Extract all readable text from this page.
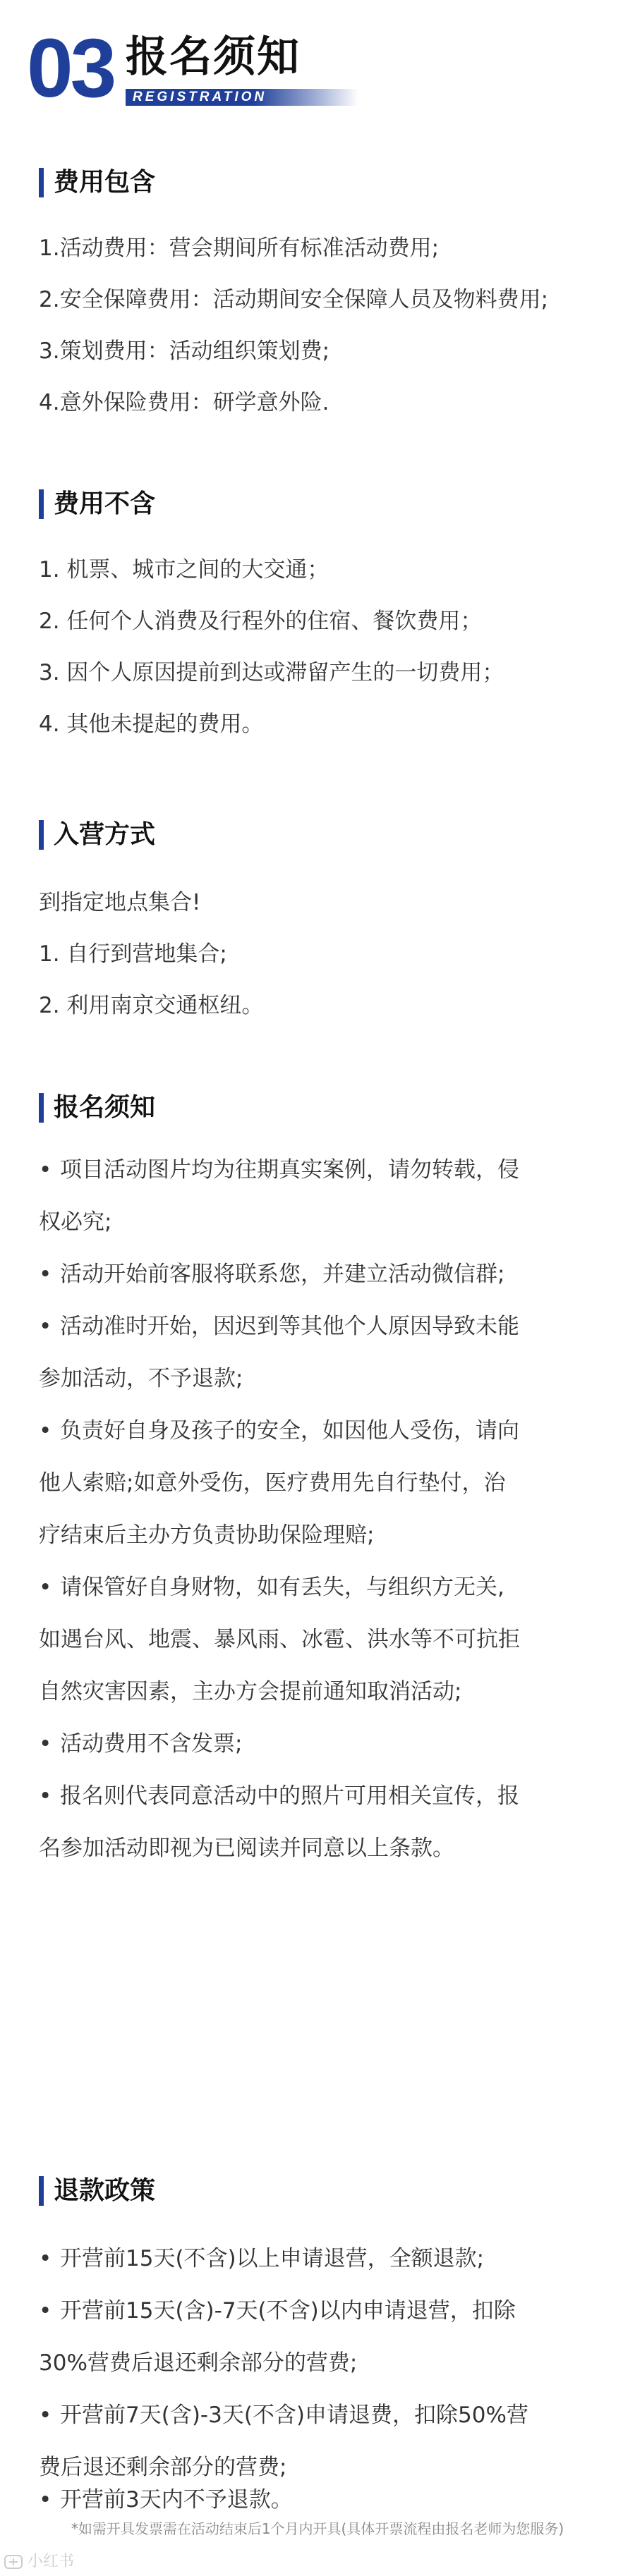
03 报名须知
REGISTRATION
费用包含
1.活动费用：营会期间所有标准活动费用;
2.安全保障费用：活动期间安全保障人员及物料费用;
3.策划费用：活动组织策划费;
4.意外保险费用：研学意外险.
费用不含
1. 机票、城市之间的大交通；
2. 任何个人消费及行程外的住宿、餐饮费用；
3. 因个人原因提前到达或滞留产生的一切费用；
4. 其他未提起的费用。
入营方式
到指定地点集合!
1. 自行到营地集合;
2. 利用南京交通枢纽。
报名须知
• 项目活动图片均为往期真实案例，请勿转载，侵
权必究;
• 活动开始前客服将联系您，并建立活动微信群;
• 活动准时开始，因迟到等其他个人原因导致未能
参加活动，不予退款;
• 负责好自身及孩子的安全，如因他人受伤，请向
他人索赔;如意外受伤，医疗费用先自行垫付，治
疗结束后主办方负责协助保险理赔;
• 请保管好自身财物，如有丢失，与组织方无关,
如遇台风、地震、暴风雨、冰雹、洪水等不可抗拒
自然灾害因素，主办方会提前通知取消活动;
• 活动费用不含发票;
• 报名则代表同意活动中的照片可用相关宣传，报
名参加活动即视为已阅读并同意以上条款。
退款政策
• 开营前15天(不含)以上申请退营，全额退款;
• 开营前15天(含)-7天(不含)以内申请退营，扣除
30%营费后退还剩余部分的营费;
• 开营前7天(含)-3天(不含)申请退费，扣除50%营
费后退还剩余部分的营费;
• 开营前3天内不予退款。
*如需开具发票需在活动结束后1个月内开具(具体开票流程由报名老师为您服务)
小红书
